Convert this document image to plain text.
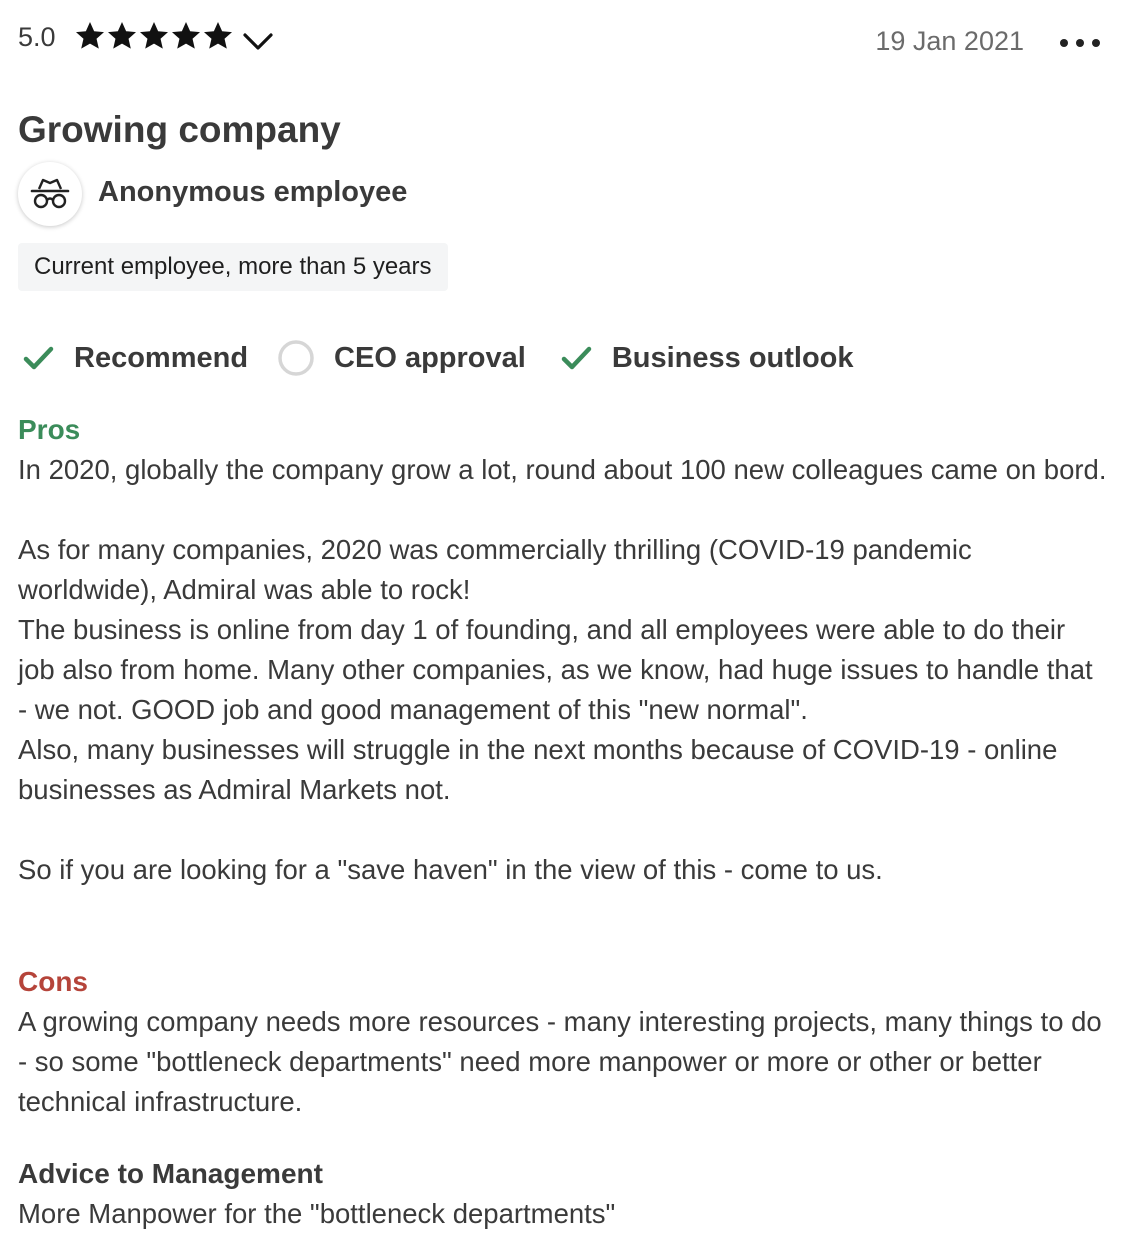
5.0	19 Jan 2021
Growing company
Anonymous employee
Current employee, more than 5 years
Recommend	CEO approval	Business outlook
Pros

In 2020, globally the company grow a lot, round about 100 new colleagues came on bord.

As for many companies, 2020 was commercially thrilling (COVID-19 pandemic worldwide), Admiral was able to rock!
The business is online from day 1 of founding, and all employees were able to do their job also from home. Many other companies, as we know, had huge issues to handle that - we not. GOOD job and good management of this "new normal".
Also, many businesses will struggle in the next months because of COVID-19 - online businesses as Admiral Markets not.

So if you are looking for a "save haven" in the view of this - come to us.

Cons

A growing company needs more resources - many interesting projects, many things to do - so some "bottleneck departments" need more manpower or more or other or better technical infrastructure.

Advice to Management

More Manpower for the "bottleneck departments"
